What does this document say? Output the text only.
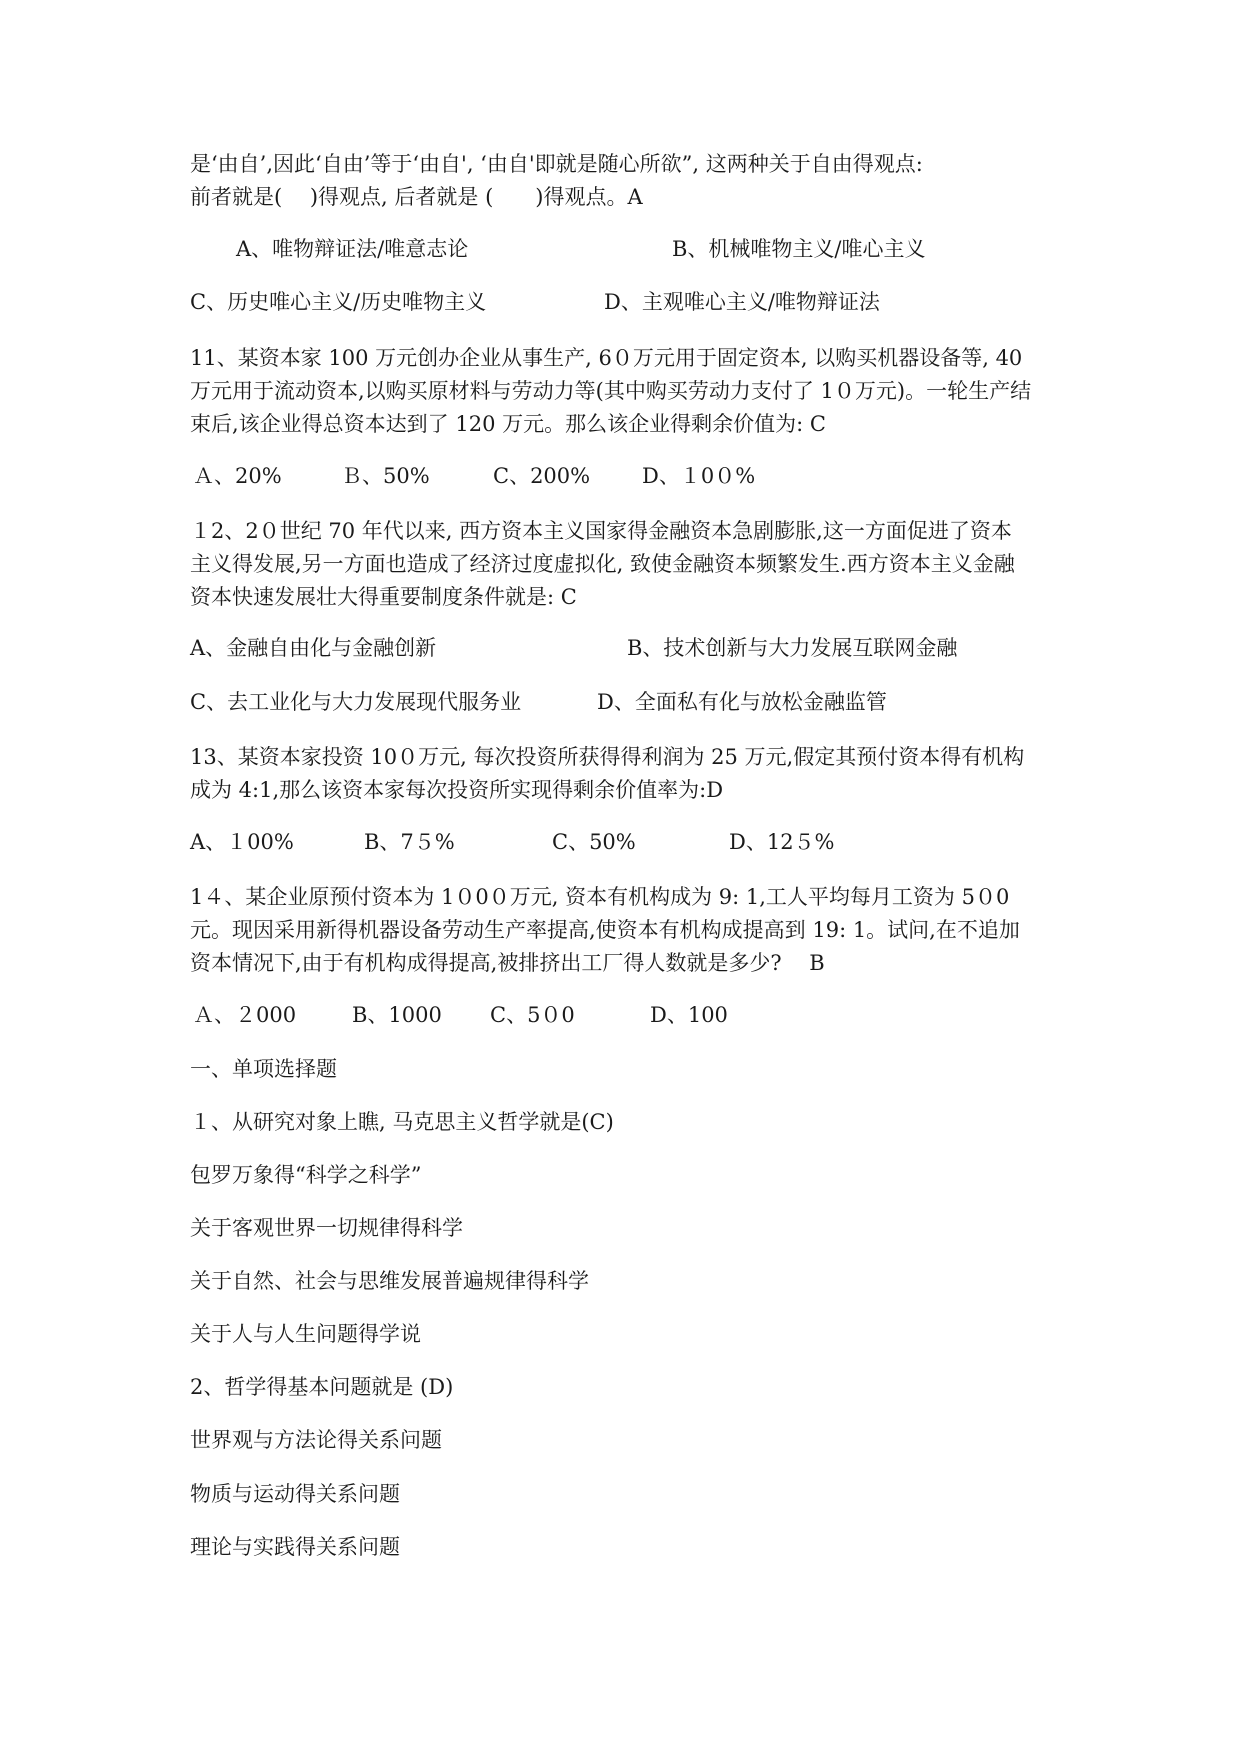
是‘由自’,因此‘自由’等于‘由自', ‘由自'即就是随心所欲”, 这两种关于自由得观点:
前者就是(　 )得观点, 后者就是 (　　)得观点。A
A、唯物辩证法/唯意志论	B、机械唯物主义/唯心主义
C、历史唯心主义/历史唯物主义	D、主观唯心主义/唯物辩证法
11、某资本家 100 万元创办企业从事生产, 6０万元用于固定资本, 以购买机器设备等, 40
万元用于流动资本,以购买原材料与劳动力等(其中购买劳动力支付了 1０万元)。一轮生产结
束后,该企业得总资本达到了 120 万元。那么该企业得剩余价值为: C
Ａ、20%	Ｂ、50%	C、200% D、１0０%
１2、2０世纪 70 年代以来, 西方资本主义国家得金融资本急剧膨胀,这一方面促进了资本
主义得发展,另一方面也造成了经济过度虚拟化, 致使金融资本频繁发生.西方资本主义金融
资本快速发展壮大得重要制度条件就是: C
A、金融自由化与金融创新	B、技术创新与大力发展互联网金融
C、去工业化与大力发展现代服务业	D、全面私有化与放松金融监管
13、某资本家投资 10０万元, 每次投资所获得得利润为 25 万元,假定其预付资本得有机构
成为 4:1,那么该资本家每次投资所实现得剩余价值率为:D
A、１00%	B、7５%	C、50%	D、12５%
1４、某企业原预付资本为 1０0０万元, 资本有机构成为 9: 1,工人平均每月工资为 5０0
元。现因采用新得机器设备劳动生产率提高,使资本有机构成提高到 19: 1。试问,在不追加
资本情况下,由于有机构成得提高,被排挤出工厂得人数就是多少?　 B
Ａ、２000	B、1000 C、5０0	D、100
一、单项选择题
１、从研究对象上瞧, 马克思主义哲学就是(C)
包罗万象得“科学之科学”
关于客观世界一切规律得科学
关于自然、社会与思维发展普遍规律得科学
关于人与人生问题得学说
2、哲学得基本问题就是 (D)
世界观与方法论得关系问题
物质与运动得关系问题
理论与实践得关系问题
